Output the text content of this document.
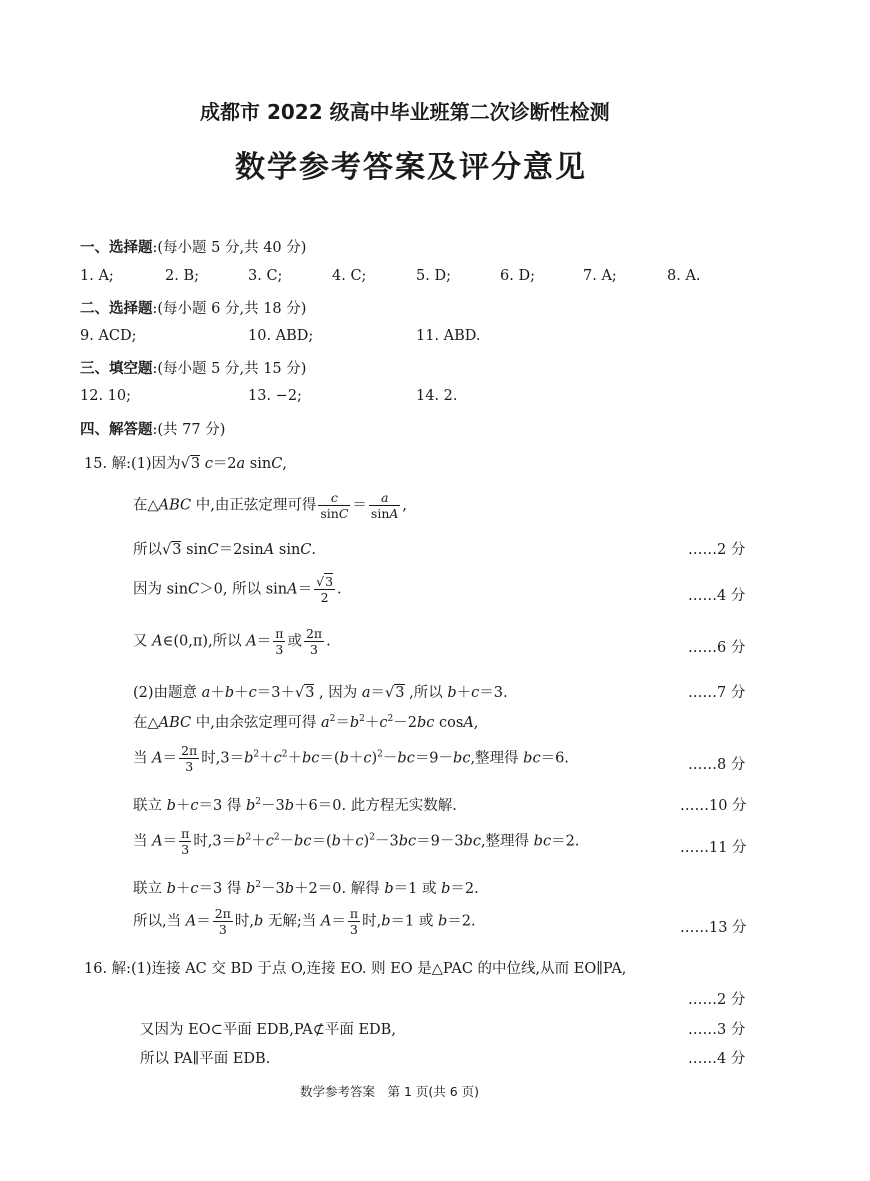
成都市 2022 级高中毕业班第二次诊断性检测
数学参考答案及评分意见
一、选择题:(每小题 5 分,共 40 分)
1. A;	2. B;	3. C;	4. C;	5. D;	6. D;	7. A;	8. A.
二、选择题:(每小题 6 分,共 18 分)
9. ACD;	10. ABD;	11. ABD.
三、填空题:(每小题 5 分,共 15 分)
12. 10;	13. −2;	14. 2.
四、解答题:(共 77 分)
15. 解:(1)因为√3 c＝2a sinC,
在△ABC 中,由正弦定理可得 $\frac{c}{\sin C} = \frac{a}{\sin A}$ ,
所以√3 sinC＝2sinA sinC.	……2 分
因为 sinC＞0, 所以 $\sin A= \frac{√3}{2}$ .	……4 分
又 A∈(0,π),所以 $A= \frac{\pi}{3}$ 或 $\frac{2\pi}{3}$ .	……6 分
(2)由题意 a＋b＋c＝3＋√3 , 因为 a＝√3 ,所以 b＋c＝3.	……7 分
在△ABC 中,由余弦定理可得 $a^2=b^2+c^2-2bc$ cosA,
当 $A= \frac{2\pi}{3}$ 时$,3=b^2+c^2+bc=(b+c)^2-bc=9-bc$,整理得 bc＝6.	……8 分
联立 b＋c＝3 得 $b^2-3b+6=0$. 此方程无实数解.	……10 分
当 $A= \frac{\pi}{3}$ 时$,3=b^2+c^2-bc=(b+c)^2-3bc=9-3bc$,整理得 bc＝2.	……11 分
联立 b＋c＝3 得 $b^2-3b+2=0$. 解得 b＝1 或 b＝2.
所以,当 $A= \frac{2\pi}{3}$ 时,b 无解;当 $A= \frac{\pi}{3}$ 时,b＝1 或 b＝2.	……13 分
16. 解:(1)连接 AC 交 BD 于点 O,连接 EO. 则 EO 是△PAC 的中位线,从而 EO∥PA,
……2 分
又因为 EO⊂平面 EDB,PA⊄平面 EDB,	……3 分
所以 PA∥平面 EDB.	……4 分
数学参考答案　第 1 页(共 6 页)
